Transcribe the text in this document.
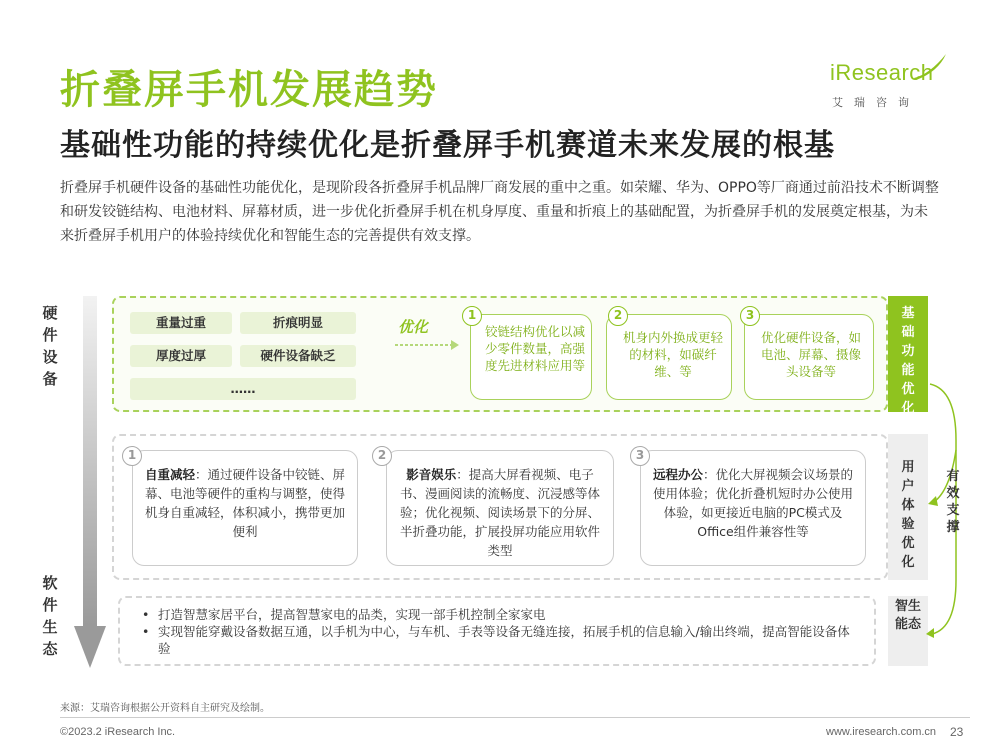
折叠屏手机发展趋势
基础性功能的持续优化是折叠屏手机赛道未来发展的根基
iResearch
艾瑞咨询
折叠屏手机硬件设备的基础性功能优化，是现阶段各折叠屏手机品牌厂商发展的重中之重。如荣耀、华为、OPPO等厂商通过前沿技术不断调整和研发铰链结构、电池材料、屏幕材质，进一步优化折叠屏手机在机身厚度、重量和折痕上的基础配置，为折叠屏手机的发展奠定根基，为未来折叠屏手机用户的体验持续优化和智能生态的完善提供有效支撑。
硬件设备
软件生态
重量过重	折痕明显
厚度过厚	硬件设备缺乏
……
优化	铰链结构优化以减少零件数量，高强度先进材料应用等
1
机身内外换成更轻的材料，如碳纤维、等
2
优化硬件设备，如电池、屏幕、摄像头设备等
3	基础功能优化
自重减轻：通过硬件设备中铰链、屏幕、电池等硬件的重构与调整，使得机身自重减轻，体积减小，携带更加便利
1
影音娱乐：提高大屏看视频、电子书、漫画阅读的流畅度、沉浸感等体验；优化视频、阅读场景下的分屏、半折叠功能，扩展投屏功能应用软件类型
2
远程办公：优化大屏视频会议场景的使用体验；优化折叠机短时办公使用体验，如更接近电脑的PC模式及Office组件兼容性等
3
用户体验优化
• 打造智慧家居平台，提高智慧家电的品类，实现一部手机控制全家家电
• 实现智能穿戴设备数据互通，以手机为中心，与车机、手表等设备无缝连接，拓展手机的信息输入/输出终端，提高智能设备体验
智生能态
有效支撑
来源：艾瑞咨询根据公开资料自主研究及绘制。
©2023.2 iResearch Inc.	www.iresearch.com.cn 23
